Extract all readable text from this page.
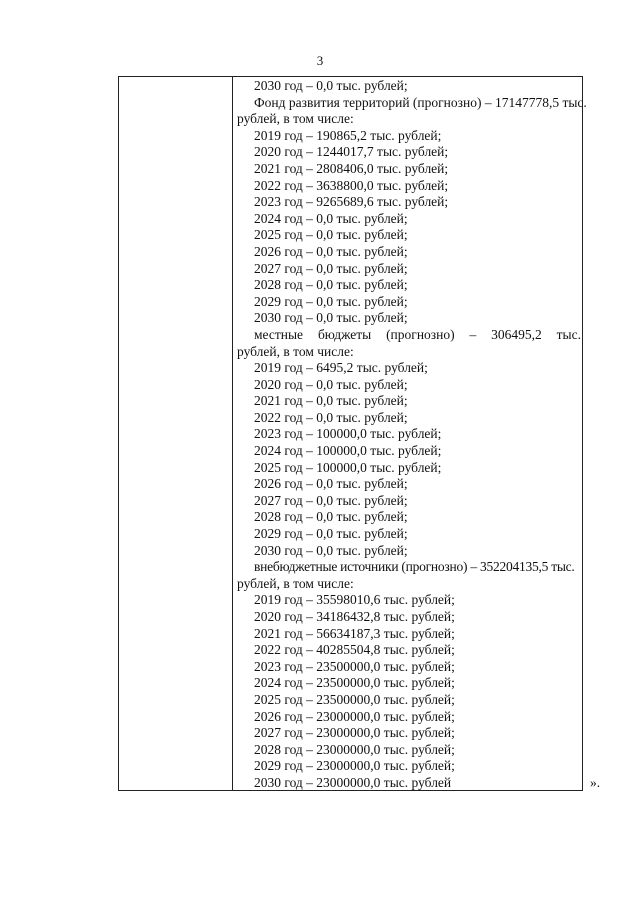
3
2030 год – 0,0 тыс. рублей;
Фонд развития территорий (прогнозно) – 17147778,5 тыс.
рублей, в том числе:
2019 год – 190865,2 тыс. рублей;
2020 год – 1244017,7 тыс. рублей;
2021 год – 2808406,0 тыс. рублей;
2022 год – 3638800,0 тыс. рублей;
2023 год – 9265689,6 тыс. рублей;
2024 год – 0,0 тыс. рублей;
2025 год – 0,0 тыс. рублей;
2026 год – 0,0 тыс. рублей;
2027 год – 0,0 тыс. рублей;
2028 год – 0,0 тыс. рублей;
2029 год – 0,0 тыс. рублей;
2030 год – 0,0 тыс. рублей;
местные бюджеты (прогнозно) – 306495,2 тыс.
рублей, в том числе:
2019 год – 6495,2 тыс. рублей;
2020 год – 0,0 тыс. рублей;
2021 год – 0,0 тыс. рублей;
2022 год – 0,0 тыс. рублей;
2023 год – 100000,0 тыс. рублей;
2024 год – 100000,0 тыс. рублей;
2025 год – 100000,0 тыс. рублей;
2026 год – 0,0 тыс. рублей;
2027 год – 0,0 тыс. рублей;
2028 год – 0,0 тыс. рублей;
2029 год – 0,0 тыс. рублей;
2030 год – 0,0 тыс. рублей;
внебюджетные источники (прогнозно) – 352204135,5 тыс.
рублей, в том числе:
2019 год – 35598010,6 тыс. рублей;
2020 год – 34186432,8 тыс. рублей;
2021 год – 56634187,3 тыс. рублей;
2022 год – 40285504,8 тыс. рублей;
2023 год – 23500000,0 тыс. рублей;
2024 год – 23500000,0 тыс. рублей;
2025 год – 23500000,0 тыс. рублей;
2026 год – 23000000,0 тыс. рублей;
2027 год – 23000000,0 тыс. рублей;
2028 год – 23000000,0 тыс. рублей;
2029 год – 23000000,0 тыс. рублей;
2030 год – 23000000,0 тыс. рублей	».
